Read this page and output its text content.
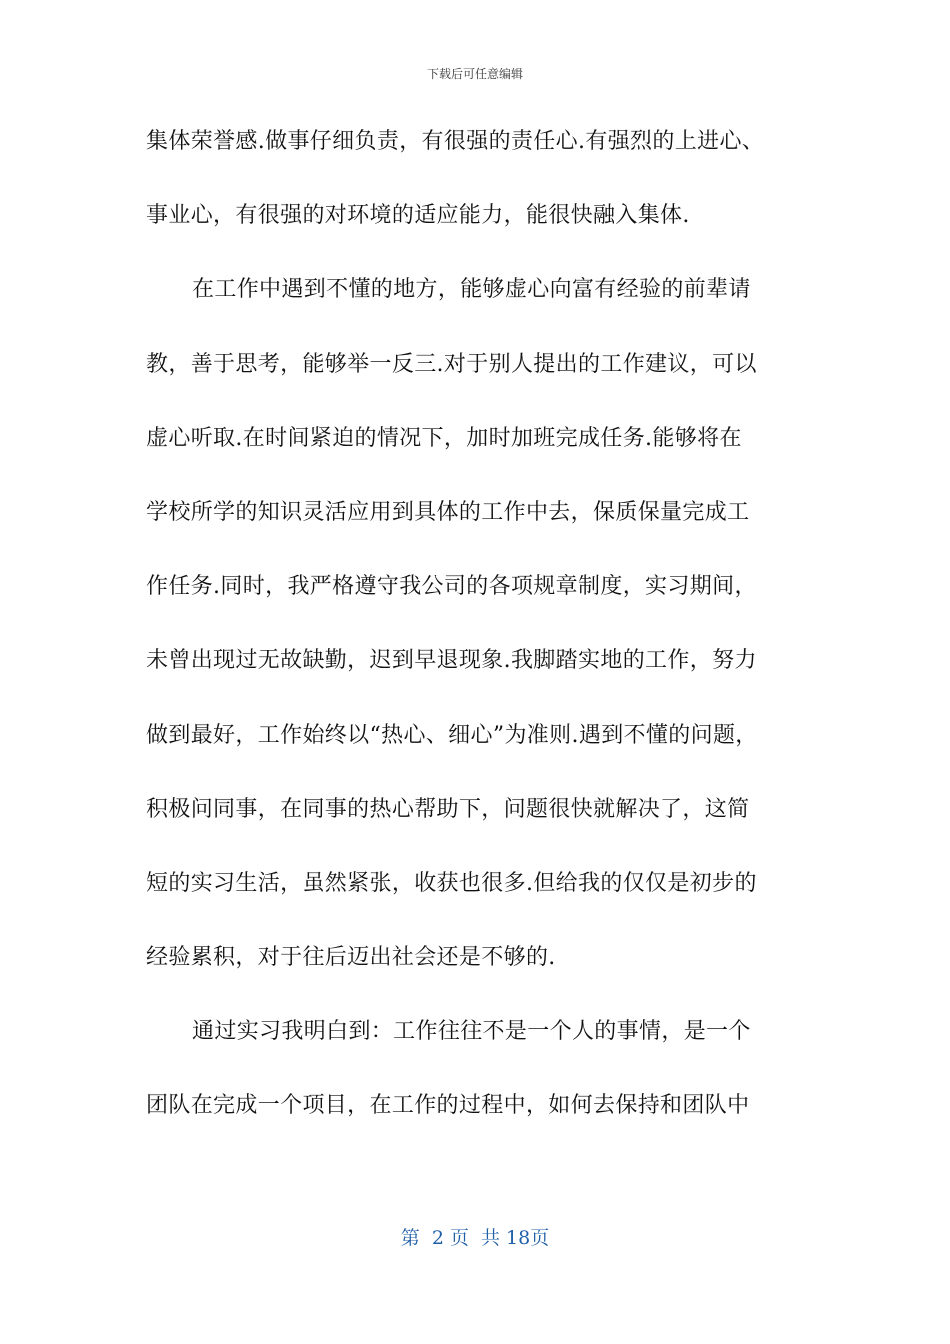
下载后可任意编辑
集体荣誉感.做事仔细负责，有很强的责任心.有强烈的上进心、
事业心，有很强的对环境的适应能力，能很快融入集体.
在工作中遇到不懂的地方，能够虚心向富有经验的前辈请
教，善于思考，能够举一反三.对于别人提出的工作建议，可以
虚心听取.在时间紧迫的情况下，加时加班完成任务.能够将在
学校所学的知识灵活应用到具体的工作中去，保质保量完成工
作任务.同时，我严格遵守我公司的各项规章制度，实习期间，
未曾出现过无故缺勤，迟到早退现象.我脚踏实地的工作，努力
做到最好，工作始终以“热心、细心”为准则.遇到不懂的问题，
积极问同事，在同事的热心帮助下，问题很快就解决了，这简
短的实习生活，虽然紧张，收获也很多.但给我的仅仅是初步的
经验累积，对于往后迈出社会还是不够的.
通过实习我明白到：工作往往不是一个人的事情，是一个
团队在完成一个项目，在工作的过程中，如何去保持和团队中
第  2 页  共 18页
